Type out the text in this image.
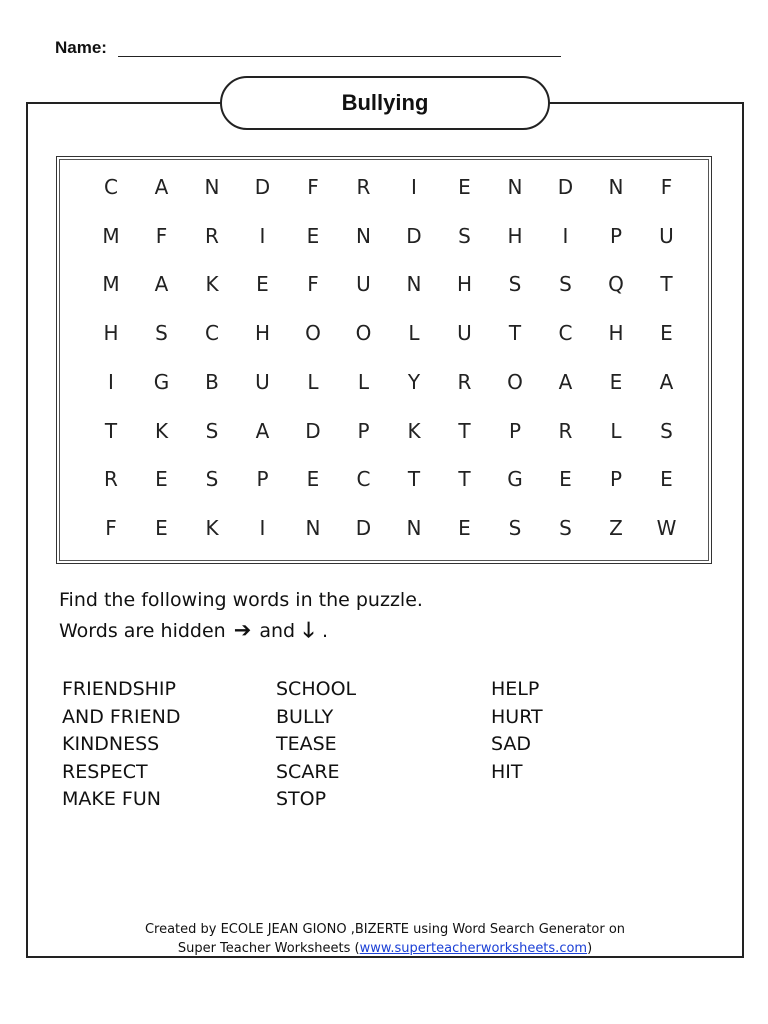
Name:
Bullying
C	A	N	D	F	R	I	E	N	D	N	F
M	F	R	I	E	N	D	S	H	I	P	U
M	A	K	E	F	U	N	H	S	S	Q	T
H	S	C	H	O	O	L	U	T	C	H	E
I	G	B	U	L	L	Y	R	O	A	E	A
T	K	S	A	D	P	K	T	P	R	L	S
R	E	S	P	E	C	T	T	G	E	P	E
F	E	K	I	N	D	N	E	S	S	Z	W
Find the following words in the puzzle.
Words are hidden ➔ and 🡓 .
FRIENDSHIP
AND FRIEND
KINDNESS
RESPECT
MAKE FUN
SCHOOL
BULLY
TEASE
SCARE
STOP
HELP
HURT
SAD
HIT
Created by ECOLE JEAN GIONO ,BIZERTE using Word Search Generator on
Super Teacher Worksheets (www.superteacherworksheets.com)
